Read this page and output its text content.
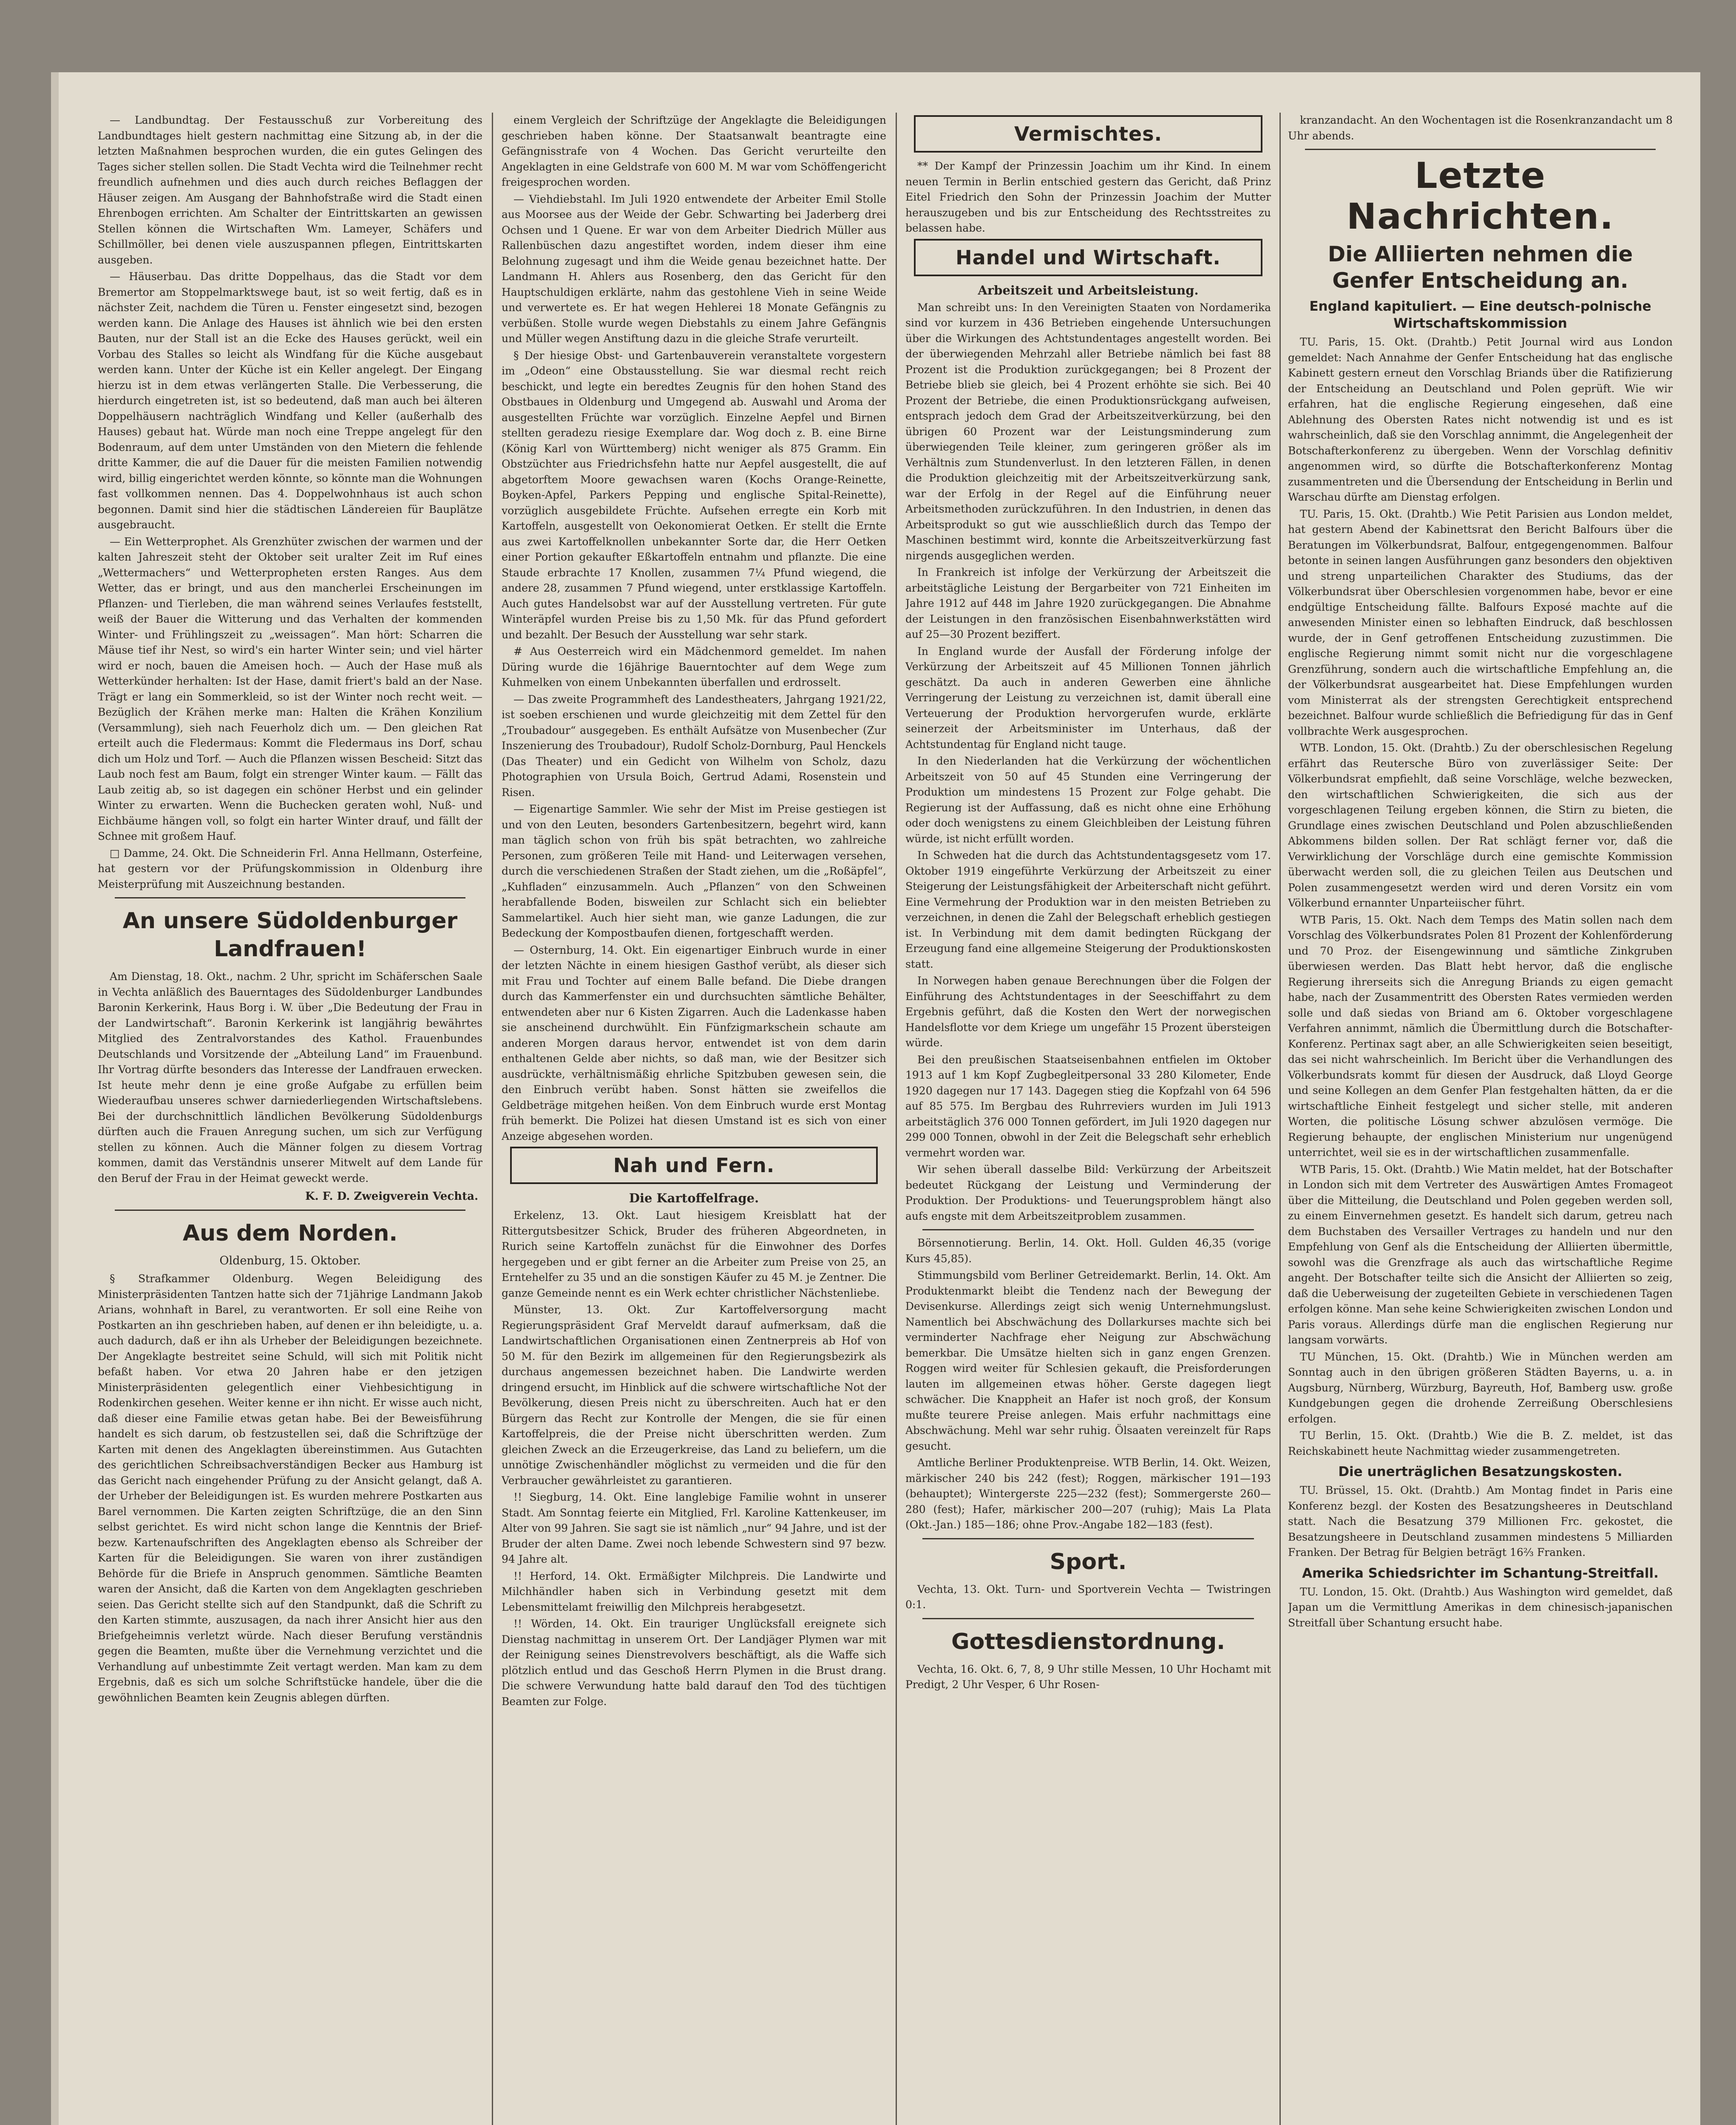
— Landbundtag. Der Festausschuß zur Vorbereitung des Landbundtages hielt gestern nachmittag eine Sitzung ab, in der die letzten Maßnahmen besprochen wurden, die ein gutes Gelingen des Tages sicher stellen sollen. Die Stadt Vechta wird die Teilnehmer recht freundlich aufnehmen und dies auch durch reiches Beflaggen der Häuser zeigen. Am Ausgang der Bahnhofstraße wird die Stadt einen Ehrenbogen errichten. Am Schalter der Eintrittskarten an gewissen Stellen können die Wirtschaften Wm. Lameyer, Schäfers und Schillmöller, bei denen viele auszuspannen pflegen, Eintrittskarten ausgeben.

— Häuserbau. Das dritte Doppelhaus, das die Stadt vor dem Bremertor am Stoppelmarktswege baut, ist so weit fertig, daß es in nächster Zeit, nachdem die Türen u. Fenster eingesetzt sind, bezogen werden kann. Die Anlage des Hauses ist ähnlich wie bei den ersten Bauten, nur der Stall ist an die Ecke des Hauses gerückt, weil ein Vorbau des Stalles so leicht als Windfang für die Küche ausgebaut werden kann. Unter der Küche ist ein Keller angelegt. Der Eingang hierzu ist in dem etwas verlängerten Stalle. Die Verbesserung, die hierdurch eingetreten ist, ist so bedeutend, daß man auch bei älteren Doppelhäusern nachträglich Windfang und Keller (außerhalb des Hauses) gebaut hat. Würde man noch eine Treppe angelegt für den Bodenraum, auf dem unter Umständen von den Mietern die fehlende dritte Kammer, die auf die Dauer für die meisten Familien notwendig wird, billig eingerichtet werden könnte, so könnte man die Wohnungen fast vollkommen nennen. Das 4. Doppelwohnhaus ist auch schon begonnen. Damit sind hier die städtischen Ländereien für Bauplätze ausgebraucht.

— Ein Wetterprophet. Als Grenzhüter zwischen der warmen und der kalten Jahreszeit steht der Oktober seit uralter Zeit im Ruf eines „Wettermachers“ und Wetterpropheten ersten Ranges. Aus dem Wetter, das er bringt, und aus den mancherlei Erscheinungen im Pflanzen- und Tierleben, die man während seines Verlaufes feststellt, weiß der Bauer die Witterung und das Verhalten der kommenden Winter- und Frühlingszeit zu „weissagen“. Man hört: Scharren die Mäuse tief ihr Nest, so wird's ein harter Winter sein; und viel härter wird er noch, bauen die Ameisen hoch. — Auch der Hase muß als Wetterkünder herhalten: Ist der Hase, damit friert's bald an der Nase. Trägt er lang ein Sommerkleid, so ist der Winter noch recht weit. — Bezüglich der Krähen merke man: Halten die Krähen Konzilium (Versammlung), sieh nach Feuerholz dich um. — Den gleichen Rat erteilt auch die Fledermaus: Kommt die Fledermaus ins Dorf, schau dich um Holz und Torf. — Auch die Pflanzen wissen Bescheid: Sitzt das Laub noch fest am Baum, folgt ein strenger Winter kaum. — Fällt das Laub zeitig ab, so ist dagegen ein schöner Herbst und ein gelinder Winter zu erwarten. Wenn die Buchecken geraten wohl, Nuß- und Eichbäume hängen voll, so folgt ein harter Winter drauf, und fällt der Schnee mit großem Hauf.

□ Damme, 24. Okt. Die Schneiderin Frl. Anna Hellmann, Osterfeine, hat gestern vor der Prüfungskommission in Oldenburg ihre Meisterprüfung mit Auszeichnung bestanden.

An unsere Südoldenburger Landfrauen!

Am Dienstag, 18. Okt., nachm. 2 Uhr, spricht im Schäferschen Saale in Vechta anläßlich des Bauerntages des Südoldenburger Landbundes Baronin Kerkerink, Haus Borg i. W. über „Die Bedeutung der Frau in der Landwirtschaft“. Baronin Kerkerink ist langjährig bewährtes Mitglied des Zentralvorstandes des Kathol. Frauenbundes Deutschlands und Vorsitzende der „Abteilung Land“ im Frauenbund. Ihr Vortrag dürfte besonders das Interesse der Landfrauen erwecken. Ist heute mehr denn je eine große Aufgabe zu erfüllen beim Wiederaufbau unseres schwer darniederliegenden Wirtschaftslebens. Bei der durchschnittlich ländlichen Bevölkerung Südoldenburgs dürften auch die Frauen Anregung suchen, um sich zur Verfügung stellen zu können. Auch die Männer folgen zu diesem Vortrag kommen, damit das Verständnis unserer Mitwelt auf dem Lande für den Beruf der Frau in der Heimat geweckt werde.

K. F. D. Zweigverein Vechta.
Aus dem Norden.
Oldenburg, 15. Oktober.

§ Strafkammer Oldenburg. Wegen Beleidigung des Ministerpräsidenten Tantzen hatte sich der 71jährige Landmann Jakob Arians, wohnhaft in Barel, zu verantworten. Er soll eine Reihe von Postkarten an ihn geschrieben haben, auf denen er ihn beleidigte, u. a. auch dadurch, daß er ihn als Urheber der Beleidigungen bezeichnete. Der Angeklagte bestreitet seine Schuld, will sich mit Politik nicht befaßt haben. Vor etwa 20 Jahren habe er den jetzigen Ministerpräsidenten gelegentlich einer Viehbesichtigung in Rodenkirchen gesehen. Weiter kenne er ihn nicht. Er wisse auch nicht, daß dieser eine Familie etwas getan habe. Bei der Beweisführung handelt es sich darum, ob festzustellen sei, daß die Schriftzüge der Karten mit denen des Angeklagten übereinstimmen. Aus Gutachten des gerichtlichen Schreibsachverständigen Becker aus Hamburg ist das Gericht nach eingehender Prüfung zu der Ansicht gelangt, daß A. der Urheber der Beleidigungen ist. Es wurden mehrere Postkarten aus Barel vernommen. Die Karten zeigten Schriftzüge, die an den Sinn selbst gerichtet. Es wird nicht schon lange die Kenntnis der Brief- bezw. Kartenaufschriften des Angeklagten ebenso als Schreiber der Karten für die Beleidigungen. Sie waren von ihrer zuständigen Behörde für die Briefe in Anspruch genommen. Sämtliche Beamten waren der Ansicht, daß die Karten von dem Angeklagten geschrieben seien. Das Gericht stellte sich auf den Standpunkt, daß die Schrift zu den Karten stimmte, auszusagen, da nach ihrer Ansicht hier aus den Briefgeheimnis verletzt würde. Nach dieser Berufung verständnis gegen die Beamten, mußte über die Vernehmung verzichtet und die Verhandlung auf unbestimmte Zeit vertagt werden. Man kam zu dem Ergebnis, daß es sich um solche Schriftstücke handele, über die die gewöhnlichen Beamten kein Zeugnis ablegen dürften.

einem Vergleich der Schriftzüge der Angeklagte die Beleidigungen geschrieben haben könne. Der Staatsanwalt beantragte eine Gefängnisstrafe von 4 Wochen. Das Gericht verurteilte den Angeklagten in eine Geldstrafe von 600 M. M war vom Schöffengericht freigesprochen worden.

— Viehdiebstahl. Im Juli 1920 entwendete der Arbeiter Emil Stolle aus Moorsee aus der Weide der Gebr. Schwarting bei Jaderberg drei Ochsen und 1 Quene. Er war von dem Arbeiter Diedrich Müller aus Rallenbüschen dazu angestiftet worden, indem dieser ihm eine Belohnung zugesagt und ihm die Weide genau bezeichnet hatte. Der Landmann H. Ahlers aus Rosenberg, den das Gericht für den Hauptschuldigen erklärte, nahm das gestohlene Vieh in seine Weide und verwertete es. Er hat wegen Hehlerei 18 Monate Gefängnis zu verbüßen. Stolle wurde wegen Diebstahls zu einem Jahre Gefängnis und Müller wegen Anstiftung dazu in die gleiche Strafe verurteilt.

§ Der hiesige Obst- und Gartenbauverein veranstaltete vorgestern im „Odeon“ eine Obstausstellung. Sie war diesmal recht reich beschickt, und legte ein beredtes Zeugnis für den hohen Stand des Obstbaues in Oldenburg und Umgegend ab. Auswahl und Aroma der ausgestellten Früchte war vorzüglich. Einzelne Aepfel und Birnen stellten geradezu riesige Exemplare dar. Wog doch z. B. eine Birne (König Karl von Württemberg) nicht weniger als 875 Gramm. Ein Obstzüchter aus Friedrichsfehn hatte nur Aepfel ausgestellt, die auf abgetorftem Moore gewachsen waren (Kochs Orange-Reinette, Boyken-Apfel, Parkers Pepping und englische Spital-Reinette), vorzüglich ausgebildete Früchte. Aufsehen erregte ein Korb mit Kartoffeln, ausgestellt von Oekonomierat Oetken. Er stellt die Ernte aus zwei Kartoffelknollen unbekannter Sorte dar, die Herr Oetken einer Portion gekaufter Eßkartoffeln entnahm und pflanzte. Die eine Staude erbrachte 17 Knollen, zusammen 7¼ Pfund wiegend, die andere 28, zusammen 7 Pfund wiegend, unter erstklassige Kartoffeln. Auch gutes Handelsobst war auf der Ausstellung vertreten. Für gute Winteräpfel wurden Preise bis zu 1,50 Mk. für das Pfund gefordert und bezahlt. Der Besuch der Ausstellung war sehr stark.

# Aus Oesterreich wird ein Mädchenmord gemeldet. Im nahen Düring wurde die 16jährige Bauerntochter auf dem Wege zum Kuhmelken von einem Unbekannten überfallen und erdrosselt.

— Das zweite Programmheft des Landestheaters, Jahrgang 1921/22, ist soeben erschienen und wurde gleichzeitig mit dem Zettel für den „Troubadour“ ausgegeben. Es enthält Aufsätze von Musenbecher (Zur Inszenierung des Troubadour), Rudolf Scholz-Dornburg, Paul Henckels (Das Theater) und ein Gedicht von Wilhelm von Scholz, dazu Photographien von Ursula Boich, Gertrud Adami, Rosenstein und Risen.

— Eigenartige Sammler. Wie sehr der Mist im Preise gestiegen ist und von den Leuten, besonders Gartenbesitzern, begehrt wird, kann man täglich schon von früh bis spät betrachten, wo zahlreiche Personen, zum größeren Teile mit Hand- und Leiterwagen versehen, durch die verschiedenen Straßen der Stadt ziehen, um die „Roßäpfel“, „Kuhfladen“ einzusammeln. Auch „Pflanzen“ von den Schweinen herabfallende Boden, bisweilen zur Schlacht sich ein beliebter Sammelartikel. Auch hier sieht man, wie ganze Ladungen, die zur Bedeckung der Kompostbaufen dienen, fortgeschafft werden.

— Osternburg, 14. Okt. Ein eigenartiger Einbruch wurde in einer der letzten Nächte in einem hiesigen Gasthof verübt, als dieser sich mit Frau und Tochter auf einem Balle befand. Die Diebe drangen durch das Kammerfenster ein und durchsuchten sämtliche Behälter, entwendeten aber nur 6 Kisten Zigarren. Auch die Ladenkasse haben sie anscheinend durchwühlt. Ein Fünfzigmarkschein schaute am anderen Morgen daraus hervor, entwendet ist von dem darin enthaltenen Gelde aber nichts, so daß man, wie der Besitzer sich ausdrückte, verhältnismäßig ehrliche Spitzbuben gewesen sein, die den Einbruch verübt haben. Sonst hätten sie zweifellos die Geldbeträge mitgehen heißen. Von dem Einbruch wurde erst Montag früh bemerkt. Die Polizei hat diesen Umstand ist es sich von einer Anzeige abgesehen worden.

Nah und Fern.
Die Kartoffelfrage.

Erkelenz, 13. Okt. Laut hiesigem Kreisblatt hat der Rittergutsbesitzer Schick, Bruder des früheren Abgeordneten, in Rurich seine Kartoffeln zunächst für die Einwohner des Dorfes hergegeben und er gibt ferner an die Arbeiter zum Preise von 25, an Erntehelfer zu 35 und an die sonstigen Käufer zu 45 M. je Zentner. Die ganze Gemeinde nennt es ein Werk echter christlicher Nächstenliebe.

Münster, 13. Okt. Zur Kartoffelversorgung macht Regierungspräsident Graf Merveldt darauf aufmerksam, daß die Landwirtschaftlichen Organisationen einen Zentnerpreis ab Hof von 50 M. für den Bezirk im allgemeinen für den Regierungsbezirk als durchaus angemessen bezeichnet haben. Die Landwirte werden dringend ersucht, im Hinblick auf die schwere wirtschaftliche Not der Bevölkerung, diesen Preis nicht zu überschreiten. Auch hat er den Bürgern das Recht zur Kontrolle der Mengen, die sie für einen Kartoffelpreis, die der Preise nicht überschritten werden. Zum gleichen Zweck an die Erzeugerkreise, das Land zu beliefern, um die unnötige Zwischenhändler möglichst zu vermeiden und die für den Verbraucher gewährleistet zu garantieren.

!! Siegburg, 14. Okt. Eine langlebige Familie wohnt in unserer Stadt. Am Sonntag feierte ein Mitglied, Frl. Karoline Kattenkeuser, im Alter von 99 Jahren. Sie sagt sie ist nämlich „nur“ 94 Jahre, und ist der Bruder der alten Dame. Zwei noch lebende Schwestern sind 97 bezw. 94 Jahre alt.

!! Herford, 14. Okt. Ermäßigter Milchpreis. Die Landwirte und Milchhändler haben sich in Verbindung gesetzt mit dem Lebensmittelamt freiwillig den Milchpreis herabgesetzt.

!! Wörden, 14. Okt. Ein trauriger Unglücksfall ereignete sich Dienstag nachmittag in unserem Ort. Der Landjäger Plymen war mit der Reinigung seines Dienstrevolvers beschäftigt, als die Waffe sich plötzlich entlud und das Geschoß Herrn Plymen in die Brust drang. Die schwere Verwundung hatte bald darauf den Tod des tüchtigen Beamten zur Folge.

Vermischtes.

** Der Kampf der Prinzessin Joachim um ihr Kind. In einem neuen Termin in Berlin entschied gestern das Gericht, daß Prinz Eitel Friedrich den Sohn der Prinzessin Joachim der Mutter herauszugeben und bis zur Entscheidung des Rechtsstreites zu belassen habe.

Handel und Wirtschaft.
Arbeitszeit und Arbeitsleistung.

Man schreibt uns: In den Vereinigten Staaten von Nordamerika sind vor kurzem in 436 Betrieben eingehende Untersuchungen über die Wirkungen des Achtstundentages angestellt worden. Bei der überwiegenden Mehrzahl aller Betriebe nämlich bei fast 88 Prozent ist die Produktion zurückgegangen; bei 8 Prozent der Betriebe blieb sie gleich, bei 4 Prozent erhöhte sie sich. Bei 40 Prozent der Betriebe, die einen Produktionsrückgang aufweisen, entsprach jedoch dem Grad der Arbeitszeitverkürzung, bei den übrigen 60 Prozent war der Leistungsminderung zum überwiegenden Teile kleiner, zum geringeren größer als im Verhältnis zum Stundenverlust. In den letzteren Fällen, in denen die Produktion gleichzeitig mit der Arbeitszeitverkürzung sank, war der Erfolg in der Regel auf die Einführung neuer Arbeitsmethoden zurückzuführen. In den Industrien, in denen das Arbeitsprodukt so gut wie ausschließlich durch das Tempo der Maschinen bestimmt wird, konnte die Arbeitszeitverkürzung fast nirgends ausgeglichen werden.

In Frankreich ist infolge der Verkürzung der Arbeitszeit die arbeitstägliche Leistung der Bergarbeiter von 721 Einheiten im Jahre 1912 auf 448 im Jahre 1920 zurückgegangen. Die Abnahme der Leistungen in den französischen Eisenbahnwerkstätten wird auf 25—30 Prozent beziffert.

In England wurde der Ausfall der Förderung infolge der Verkürzung der Arbeitszeit auf 45 Millionen Tonnen jährlich geschätzt. Da auch in anderen Gewerben eine ähnliche Verringerung der Leistung zu verzeichnen ist, damit überall eine Verteuerung der Produktion hervorgerufen wurde, erklärte seinerzeit der Arbeitsminister im Unterhaus, daß der Achtstundentag für England nicht tauge.

In den Niederlanden hat die Verkürzung der wöchentlichen Arbeitszeit von 50 auf 45 Stunden eine Verringerung der Produktion um mindestens 15 Prozent zur Folge gehabt. Die Regierung ist der Auffassung, daß es nicht ohne eine Erhöhung oder doch wenigstens zu einem Gleichbleiben der Leistung führen würde, ist nicht erfüllt worden.

In Schweden hat die durch das Achtstundentagsgesetz vom 17. Oktober 1919 eingeführte Verkürzung der Arbeitszeit zu einer Steigerung der Leistungsfähigkeit der Arbeiterschaft nicht geführt. Eine Vermehrung der Produktion war in den meisten Betrieben zu verzeichnen, in denen die Zahl der Belegschaft erheblich gestiegen ist. In Verbindung mit dem damit bedingten Rückgang der Erzeugung fand eine allgemeine Steigerung der Produktionskosten statt.

In Norwegen haben genaue Berechnungen über die Folgen der Einführung des Achtstundentages in der Seeschiffahrt zu dem Ergebnis geführt, daß die Kosten den Wert der norwegischen Handelsflotte vor dem Kriege um ungefähr 15 Prozent übersteigen würde.

Bei den preußischen Staatseisenbahnen entfielen im Oktober 1913 auf 1 km Kopf Zugbegleitpersonal 33 280 Kilometer, Ende 1920 dagegen nur 17 143. Dagegen stieg die Kopfzahl von 64 596 auf 85 575. Im Bergbau des Ruhrreviers wurden im Juli 1913 arbeitstäglich 376 000 Tonnen gefördert, im Juli 1920 dagegen nur 299 000 Tonnen, obwohl in der Zeit die Belegschaft sehr erheblich vermehrt worden war.

Wir sehen überall dasselbe Bild: Verkürzung der Arbeitszeit bedeutet Rückgang der Leistung und Verminderung der Produktion. Der Produktions- und Teuerungsproblem hängt also aufs engste mit dem Arbeitszeitproblem zusammen.

Börsennotierung. Berlin, 14. Okt. Holl. Gulden 46,35 (vorige Kurs 45,85).

Stimmungsbild vom Berliner Getreidemarkt. Berlin, 14. Okt. Am Produktenmarkt bleibt die Tendenz nach der Bewegung der Devisenkurse. Allerdings zeigt sich wenig Unternehmungslust. Namentlich bei Abschwächung des Dollarkurses machte sich bei verminderter Nachfrage eher Neigung zur Abschwächung bemerkbar. Die Umsätze hielten sich in ganz engen Grenzen. Roggen wird weiter für Schlesien gekauft, die Preisforderungen lauten im allgemeinen etwas höher. Gerste dagegen liegt schwächer. Die Knappheit an Hafer ist noch groß, der Konsum mußte teurere Preise anlegen. Mais erfuhr nachmittags eine Abschwächung. Mehl war sehr ruhig. Ölsaaten vereinzelt für Raps gesucht.

Amtliche Berliner Produktenpreise. WTB Berlin, 14. Okt. Weizen, märkischer 240 bis 242 (fest); Roggen, märkischer 191—193 (behauptet); Wintergerste 225—232 (fest); Sommergerste 260—280 (fest); Hafer, märkischer 200—207 (ruhig); Mais La Plata (Okt.-Jan.) 185—186; ohne Prov.-Angabe 182—183 (fest).

Sport.

Vechta, 13. Okt. Turn- und Sportverein Vechta — Twistringen 0:1.

Gottesdienstordnung.

Vechta, 16. Okt. 6, 7, 8, 9 Uhr stille Messen, 10 Uhr Hochamt mit Predigt, 2 Uhr Vesper, 6 Uhr Rosen-

kranzandacht. An den Wochentagen ist die Rosenkranzandacht um 8 Uhr abends.

Letzte Nachrichten.
Die Alliierten nehmen die Genfer Entscheidung an.
England kapituliert. — Eine deutsch-polnische Wirtschaftskommission

TU. Paris, 15. Okt. (Drahtb.) Petit Journal wird aus London gemeldet: Nach Annahme der Genfer Entscheidung hat das englische Kabinett gestern erneut den Vorschlag Briands über die Ratifizierung der Entscheidung an Deutschland und Polen geprüft. Wie wir erfahren, hat die englische Regierung eingesehen, daß eine Ablehnung des Obersten Rates nicht notwendig ist und es ist wahrscheinlich, daß sie den Vorschlag annimmt, die Angelegenheit der Botschafterkonferenz zu übergeben. Wenn der Vorschlag definitiv angenommen wird, so dürfte die Botschafterkonferenz Montag zusammentreten und die Übersendung der Entscheidung in Berlin und Warschau dürfte am Dienstag erfolgen.

TU. Paris, 15. Okt. (Drahtb.) Wie Petit Parisien aus London meldet, hat gestern Abend der Kabinettsrat den Bericht Balfours über die Beratungen im Völkerbundsrat, Balfour, entgegengenommen. Balfour betonte in seinen langen Ausführungen ganz besonders den objektiven und streng unparteilichen Charakter des Studiums, das der Völkerbundsrat über Oberschlesien vorgenommen habe, bevor er eine endgültige Entscheidung fällte. Balfours Exposé machte auf die anwesenden Minister einen so lebhaften Eindruck, daß beschlossen wurde, der in Genf getroffenen Entscheidung zuzustimmen. Die englische Regierung nimmt somit nicht nur die vorgeschlagene Grenzführung, sondern auch die wirtschaftliche Empfehlung an, die der Völkerbundsrat ausgearbeitet hat. Diese Empfehlungen wurden vom Ministerrat als der strengsten Gerechtigkeit entsprechend bezeichnet. Balfour wurde schließlich die Befriedigung für das in Genf vollbrachte Werk ausgesprochen.

WTB. London, 15. Okt. (Drahtb.) Zu der oberschlesischen Regelung erfährt das Reutersche Büro von zuverlässiger Seite: Der Völkerbundsrat empfiehlt, daß seine Vorschläge, welche bezwecken, den wirtschaftlichen Schwierigkeiten, die sich aus der vorgeschlagenen Teilung ergeben können, die Stirn zu bieten, die Grundlage eines zwischen Deutschland und Polen abzuschließenden Abkommens bilden sollen. Der Rat schlägt ferner vor, daß die Verwirklichung der Vorschläge durch eine gemischte Kommission überwacht werden soll, die zu gleichen Teilen aus Deutschen und Polen zusammengesetzt werden wird und deren Vorsitz ein vom Völkerbund ernannter Unparteiischer führt.

WTB Paris, 15. Okt. Nach dem Temps des Matin sollen nach dem Vorschlag des Völkerbundsrates Polen 81 Prozent der Kohlenförderung und 70 Proz. der Eisengewinnung und sämtliche Zinkgruben überwiesen werden. Das Blatt hebt hervor, daß die englische Regierung ihrerseits sich die Anregung Briands zu eigen gemacht habe, nach der Zusammentritt des Obersten Rates vermieden werden solle und daß siedas von Briand am 6. Oktober vorgeschlagene Verfahren annimmt, nämlich die Übermittlung durch die Botschafter-Konferenz. Pertinax sagt aber, an alle Schwierigkeiten seien beseitigt, das sei nicht wahrscheinlich. Im Bericht über die Verhandlungen des Völkerbundsrats kommt für diesen der Ausdruck, daß Lloyd George und seine Kollegen an dem Genfer Plan festgehalten hätten, da er die wirtschaftliche Einheit festgelegt und sicher stelle, mit anderen Worten, die politische Lösung schwer abzulösen vermöge. Die Regierung behaupte, der englischen Ministerium nur ungenügend unterrichtet, weil sie es in der wirtschaftlichen zusammenfalle.

WTB Paris, 15. Okt. (Drahtb.) Wie Matin meldet, hat der Botschafter in London sich mit dem Vertreter des Auswärtigen Amtes Fromageot über die Mitteilung, die Deutschland und Polen gegeben werden soll, zu einem Einvernehmen gesetzt. Es handelt sich darum, getreu nach dem Buchstaben des Versailler Vertrages zu handeln und nur den Empfehlung von Genf als die Entscheidung der Alliierten übermittle, sowohl was die Grenzfrage als auch das wirtschaftliche Regime angeht. Der Botschafter teilte sich die Ansicht der Alliierten so zeig, daß die Ueberweisung der zugeteilten Gebiete in verschiedenen Tagen erfolgen könne. Man sehe keine Schwierigkeiten zwischen London und Paris voraus. Allerdings dürfe man die englischen Regierung nur langsam vorwärts.

TU München, 15. Okt. (Drahtb.) Wie in München werden am Sonntag auch in den übrigen größeren Städten Bayerns, u. a. in Augsburg, Nürnberg, Würzburg, Bayreuth, Hof, Bamberg usw. große Kundgebungen gegen die drohende Zerreißung Oberschlesiens erfolgen.

TU Berlin, 15. Okt. (Drahtb.) Wie die B. Z. meldet, ist das Reichskabinett heute Nachmittag wieder zusammengetreten.

Die unerträglichen Besatzungskosten.

TU. Brüssel, 15. Okt. (Drahtb.) Am Montag findet in Paris eine Konferenz bezgl. der Kosten des Besatzungsheeres in Deutschland statt. Nach die Besatzung 379 Millionen Frc. gekostet, die Besatzungsheere in Deutschland zusammen mindestens 5 Milliarden Franken. Der Betrag für Belgien beträgt 16⅔ Franken.

Amerika Schiedsrichter im Schantung-Streitfall.

TU. London, 15. Okt. (Drahtb.) Aus Washington wird gemeldet, daß Japan um die Vermittlung Amerikas in dem chinesisch-japanischen Streitfall über Schantung ersucht habe.
